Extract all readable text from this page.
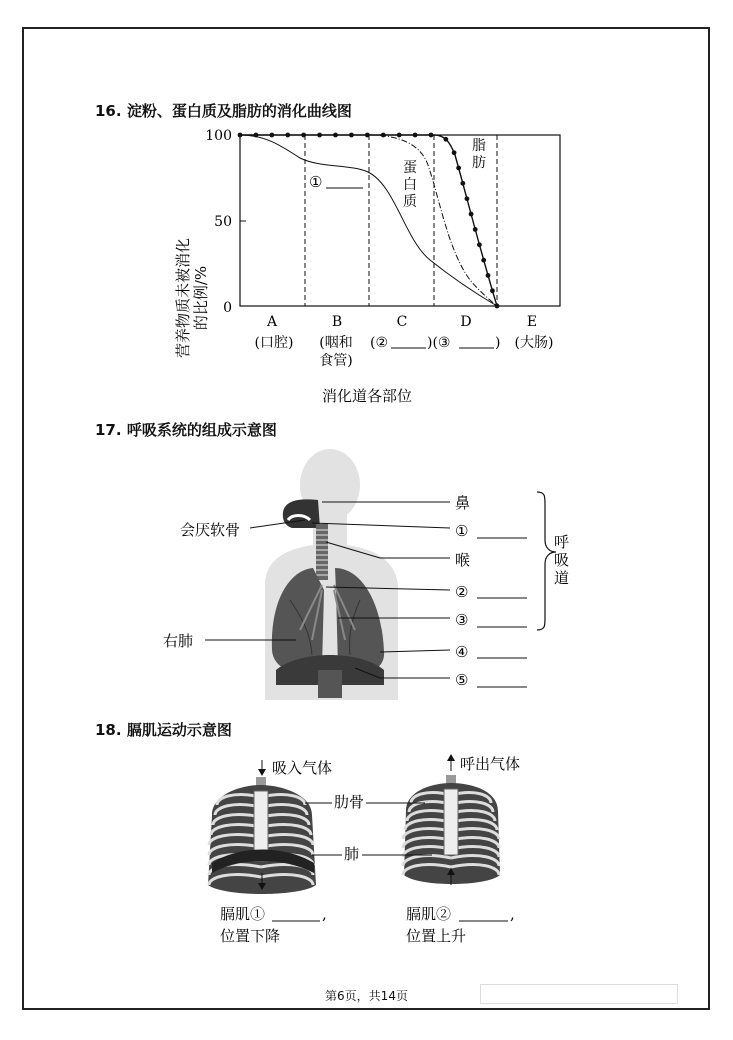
16. 淀粉、蛋白质及脂肪的消化曲线图
营养物质未被消化 的比例/%
100
50
0
脂
肪
蛋
白
质
①
A	B	C	D	E
(口腔) (咽和
食管)
(②	)(③	) (大肠)
消化道各部位
17. 呼吸系统的组成示意图
鼻
①
喉
②
③
④
⑤
会厌软骨
右肺
呼
吸
道
18. 膈肌运动示意图
吸入气体	呼出气体
肋骨
肺
膈肌①	,
位置下降
膈肌②	,
位置上升
第6页，共14页
